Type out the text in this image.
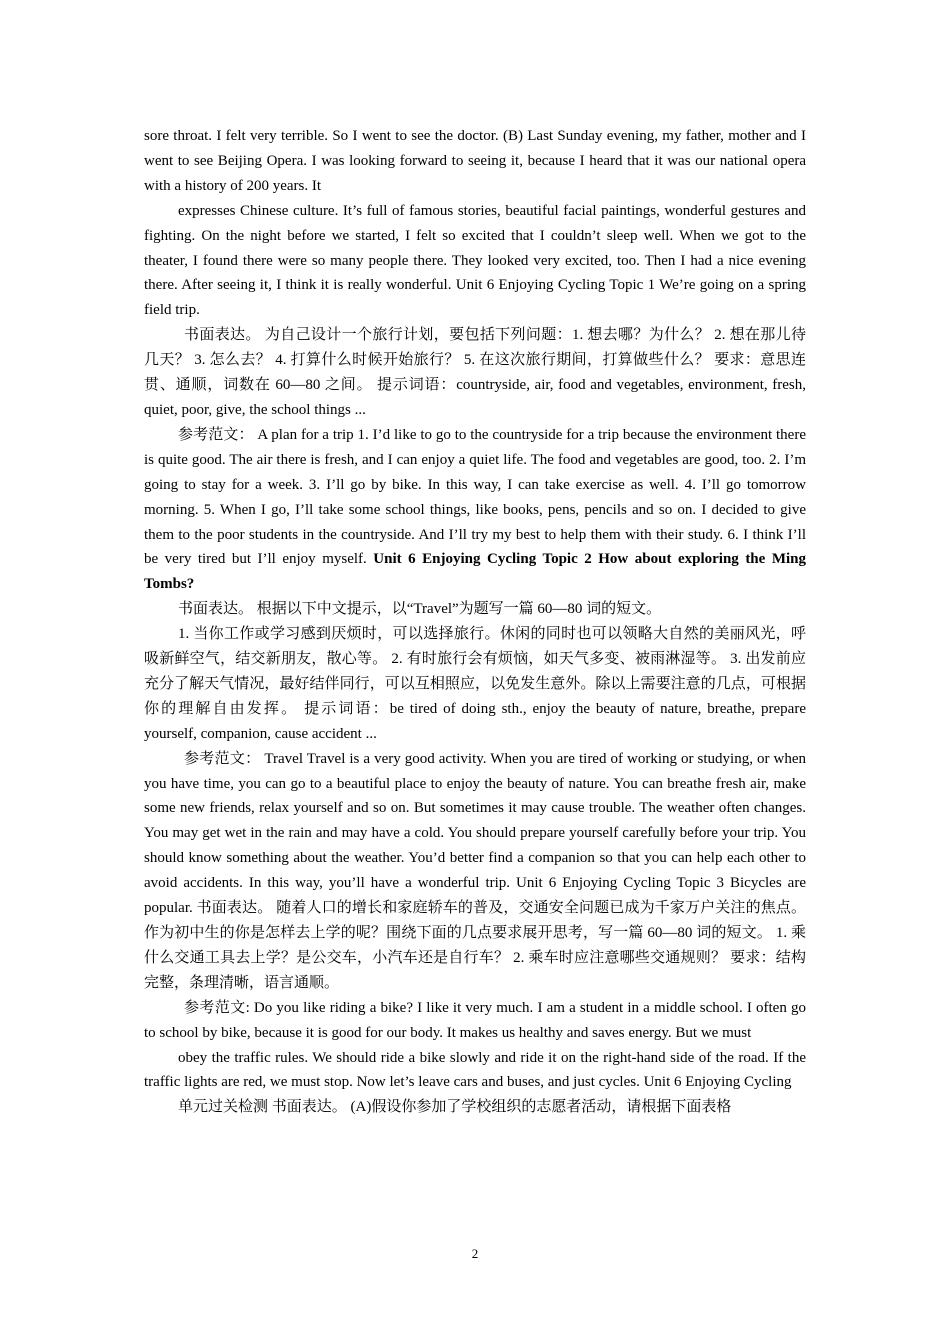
sore throat. I felt very terrible. So I went to see the doctor. (B) Last Sunday evening, my father, mother and I went to see Beijing Opera. I was looking forward to seeing it, because I heard that it was our national opera with a history of 200 years. It

expresses Chinese culture. It’s full of famous stories, beautiful facial paintings, wonderful gestures and fighting. On the night before we started, I felt so excited that I couldn’t sleep well. When we got to the theater, I found there were so many people there. They looked very excited, too. Then I had a nice evening there. After seeing it, I think it is really wonderful. Unit 6 Enjoying Cycling Topic 1 We’re going on a spring field trip.

书面表达。 为自己设计一个旅行计划，要包括下列问题：1. 想去哪？为什么？ 2. 想在那儿待几天？ 3. 怎么去？ 4. 打算什么时候开始旅行？ 5. 在这次旅行期间，打算做些什么？ 要求：意思连贯、通顺，词数在 60—80 之间。 提示词语：countryside, air, food and vegetables, environment, fresh, quiet, poor, give, the school things ...

参考范文： A plan for a trip 1. I’d like to go to the countryside for a trip because the environment there is quite good. The air there is fresh, and I can enjoy a quiet life. The food and vegetables are good, too. 2. I’m going to stay for a week. 3. I’ll go by bike. In this way, I can take exercise as well. 4. I’ll go tomorrow morning. 5. When I go, I’ll take some school things, like books, pens, pencils and so on. I decided to give them to the poor students in the countryside. And I’ll try my best to help them with their study. 6. I think I’ll be very tired but I’ll enjoy myself. Unit 6 Enjoying Cycling Topic 2 How about exploring the Ming Tombs?

书面表达。 根据以下中文提示，以“Travel”为题写一篇 60—80 词的短文。

1. 当你工作或学习感到厌烦时，可以选择旅行。休闲的同时也可以领略大自然的美丽风光，呼吸新鲜空气，结交新朋友，散心等。 2. 有时旅行会有烦恼，如天气多变、被雨淋湿等。 3. 出发前应充分了解天气情况，最好结伴同行，可以互相照应，以免发生意外。除以上需要注意的几点，可根据你的理解自由发挥。 提示词语：be tired of doing sth., enjoy the beauty of nature, breathe, prepare yourself, companion, cause accident ...

参考范文： Travel Travel is a very good activity. When you are tired of working or studying, or when you have time, you can go to a beautiful place to enjoy the beauty of nature. You can breathe fresh air, make some new friends, relax yourself and so on. But sometimes it may cause trouble. The weather often changes. You may get wet in the rain and may have a cold. You should prepare yourself carefully before your trip. You should know something about the weather. You’d better find a companion so that you can help each other to avoid accidents. In this way, you’ll have a wonderful trip. Unit 6 Enjoying Cycling Topic 3 Bicycles are popular. 书面表达。 随着人口的增长和家庭轿车的普及，交通安全问题已成为千家万户关注的焦点。作为初中生的你是怎样去上学的呢？围绕下面的几点要求展开思考，写一篇 60—80 词的短文。 1. 乘什么交通工具去上学？是公交车，小汽车还是自行车？ 2. 乘车时应注意哪些交通规则？ 要求：结构完整，条理清晰，语言通顺。

参考范文: Do you like riding a bike? I like it very much. I am a student in a middle school. I often go to school by bike, because it is good for our body. It makes us healthy and saves energy. But we must

obey the traffic rules. We should ride a bike slowly and ride it on the right-hand side of the road. If the traffic lights are red, we must stop. Now let’s leave cars and buses, and just cycles. Unit 6 Enjoying Cycling

单元过关检测 书面表达。 (A)假设你参加了学校组织的志愿者活动，请根据下面表格

2
